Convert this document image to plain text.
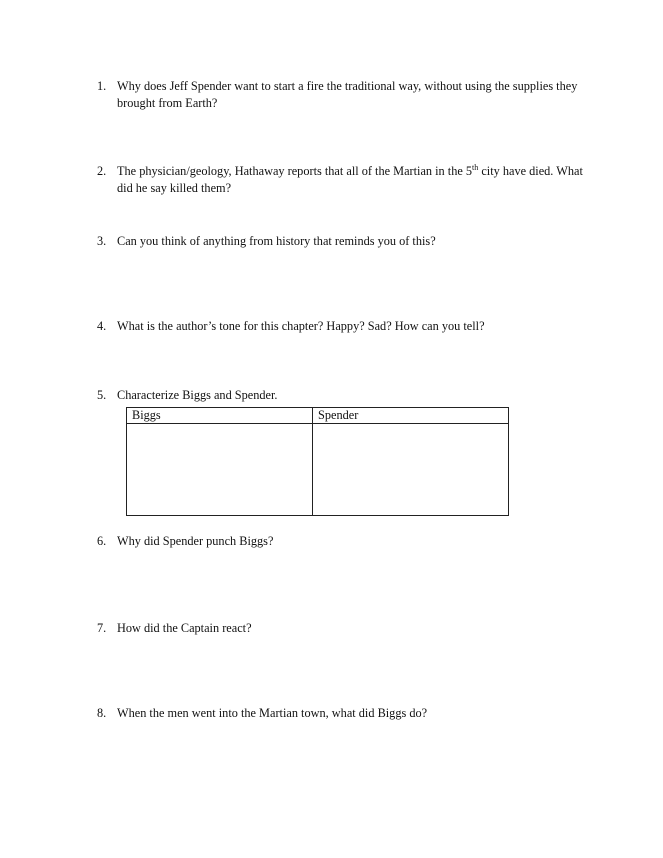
1. Why does Jeff Spender want to start a fire the traditional way, without using the supplies they brought from Earth?
2. The physician/geology, Hathaway reports that all of the Martian in the 5th city have died. What did he say killed them?
3. Can you think of anything from history that reminds you of this?
4. What is the author’s tone for this chapter? Happy? Sad? How can you tell?
5. Characterize Biggs and Spender.
Biggs	Spender

6. Why did Spender punch Biggs?
7. How did the Captain react?
8. When the men went into the Martian town, what did Biggs do?
